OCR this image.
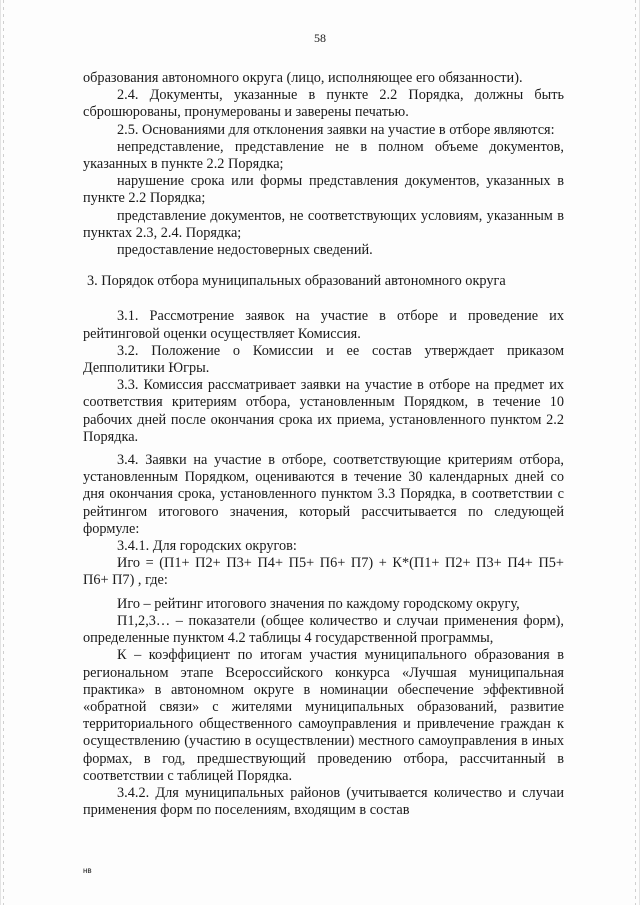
58

образования автономного округа (лицо, исполняющее его обязанности).

2.4. Документы, указанные в пункте 2.2 Порядка, должны быть сброшюрованы, пронумерованы и заверены печатью.

2.5. Основаниями для отклонения заявки на участие в отборе являются:

непредставление, представление не в полном объеме документов, указанных в пункте 2.2 Порядка;

нарушение срока или формы представления документов, указанных в пункте 2.2 Порядка;

представление документов, не соответствующих условиям, указанным в пунктах 2.3, 2.4. Порядка;

предоставление недостоверных сведений.

3. Порядок отбора муниципальных образований автономного округа

3.1. Рассмотрение заявок на участие в отборе и проведение их рейтинговой оценки осуществляет Комиссия.

3.2. Положение о Комиссии и ее состав утверждает приказом Депполитики Югры.

3.3. Комиссия рассматривает заявки на участие в отборе на предмет их соответствия критериям отбора, установленным Порядком, в течение 10 рабочих дней после окончания срока их приема, установленного пунктом 2.2 Порядка.

3.4. Заявки на участие в отборе, соответствующие критериям отбора, установленным Порядком, оцениваются в течение 30 календарных дней со дня окончания срока, установленного пунктом 3.3 Порядка, в соответствии с рейтингом итогового значения, который рассчитывается по следующей формуле:

3.4.1. Для городских округов:

Иго = (П1+ П2+ П3+ П4+ П5+ П6+ П7) + К*(П1+ П2+ П3+ П4+ П5+ П6+ П7) , где:

Иго – рейтинг итогового значения по каждому городскому округу,

П1,2,3… – показатели (общее количество и случаи применения форм), определенные пунктом 4.2 таблицы 4 государственной программы,

К – коэффициент по итогам участия муниципального образования в региональном этапе Всероссийского конкурса «Лучшая муниципальная практика» в автономном округе в номинации обеспечение эффективной «обратной связи» с жителями муниципальных образований, развитие территориального общественного самоуправления и привлечение граждан к осуществлению (участию в осуществлении) местного самоуправления в иных формах, в год, предшествующий проведению отбора, рассчитанный в соответствии с таблицей Порядка.

3.4.2. Для муниципальных районов (учитывается количество и случаи применения форм по поселениям, входящим в состав

нв
